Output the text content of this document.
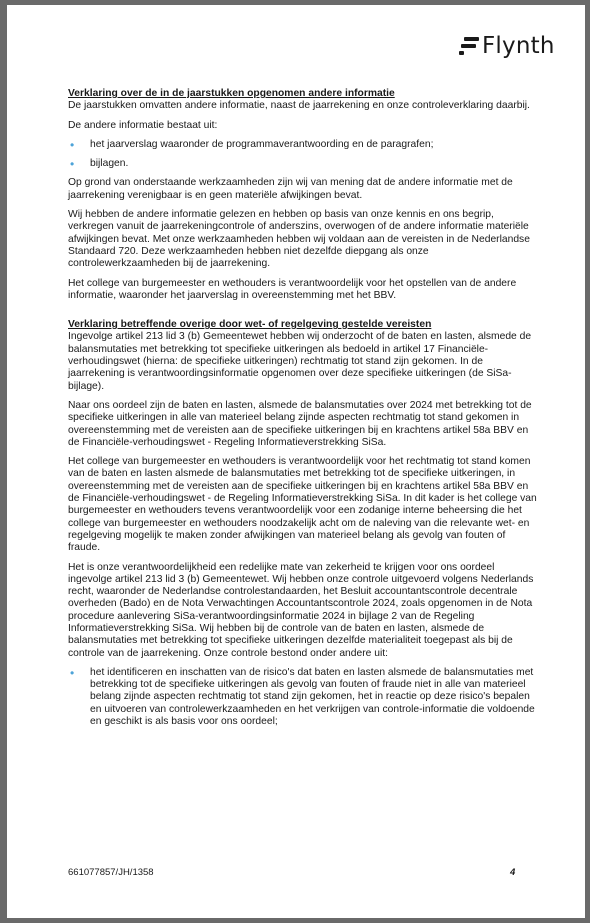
Flynth

Verklaring over de in de jaarstukken opgenomen andere informatie

De jaarstukken omvatten andere informatie, naast de jaarrekening en onze controleverklaring daarbij.

De andere informatie bestaat uit:

• het jaarverslag waaronder de programmaverantwoording en de paragrafen;
• bijlagen.

Op grond van onderstaande werkzaamheden zijn wij van mening dat de andere informatie met de jaarrekening verenigbaar is en geen materiële afwijkingen bevat.

Wij hebben de andere informatie gelezen en hebben op basis van onze kennis en ons begrip, verkregen vanuit de jaarrekeningcontrole of anderszins, overwogen of de andere informatie materiële afwijkingen bevat. Met onze werkzaamheden hebben wij voldaan aan de vereisten in de Nederlandse Standaard 720. Deze werkzaamheden hebben niet dezelfde diepgang als onze controlewerkzaamheden bij de jaarrekening.

Het college van burgemeester en wethouders is verantwoordelijk voor het opstellen van de andere informatie, waaronder het jaarverslag in overeenstemming met het BBV.

Verklaring betreffende overige door wet- of regelgeving gestelde vereisten

Ingevolge artikel 213 lid 3 (b) Gemeentewet hebben wij onderzocht of de baten en lasten, alsmede de balansmutaties met betrekking tot specifieke uitkeringen als bedoeld in artikel 17 Financiële-verhoudingswet (hierna: de specifieke uitkeringen) rechtmatig tot stand zijn gekomen. In de jaarrekening is verantwoordingsinformatie opgenomen over deze specifieke uitkeringen (de SiSa-bijlage).

Naar ons oordeel zijn de baten en lasten, alsmede de balansmutaties over 2024 met betrekking tot de specifieke uitkeringen in alle van materieel belang zijnde aspecten rechtmatig tot stand gekomen in overeenstemming met de vereisten aan de specifieke uitkeringen bij en krachtens artikel 58a BBV en de Financiële-verhoudingswet - Regeling Informatieverstrekking SiSa.

Het college van burgemeester en wethouders is verantwoordelijk voor het rechtmatig tot stand komen van de baten en lasten alsmede de balansmutaties met betrekking tot de specifieke uitkeringen, in overeenstemming met de vereisten aan de specifieke uitkeringen bij en krachtens artikel 58a BBV en de Financiële-verhoudingswet - de Regeling Informatieverstrekking SiSa. In dit kader is het college van burgemeester en wethouders tevens verantwoordelijk voor een zodanige interne beheersing die het college van burgemeester en wethouders noodzakelijk acht om de naleving van die relevante wet- en regelgeving mogelijk te maken zonder afwijkingen van materieel belang als gevolg van fouten of fraude.

Het is onze verantwoordelijkheid een redelijke mate van zekerheid te krijgen voor ons oordeel ingevolge artikel 213 lid 3 (b) Gemeentewet. Wij hebben onze controle uitgevoerd volgens Nederlands recht, waaronder de Nederlandse controlestandaarden, het Besluit accountantscontrole decentrale overheden (Bado) en de Nota Verwachtingen Accountantscontrole 2024, zoals opgenomen in de Nota procedure aanlevering SiSa-verantwoordingsinformatie 2024 in bijlage 2 van de Regeling Informatieverstrekking SiSa. Wij hebben bij de controle van de baten en lasten, alsmede de balansmutaties met betrekking tot specifieke uitkeringen dezelfde materialiteit toegepast als bij de controle van de jaarrekening. Onze controle bestond onder andere uit:

• het identificeren en inschatten van de risico's dat baten en lasten alsmede de balansmutaties met betrekking tot de specifieke uitkeringen als gevolg van fouten of fraude niet in alle van materieel belang zijnde aspecten rechtmatig tot stand zijn gekomen, het in reactie op deze risico's bepalen en uitvoeren van controlewerkzaamheden en het verkrijgen van controle-informatie die voldoende en geschikt is als basis voor ons oordeel;
661077857/JH/1358	4
